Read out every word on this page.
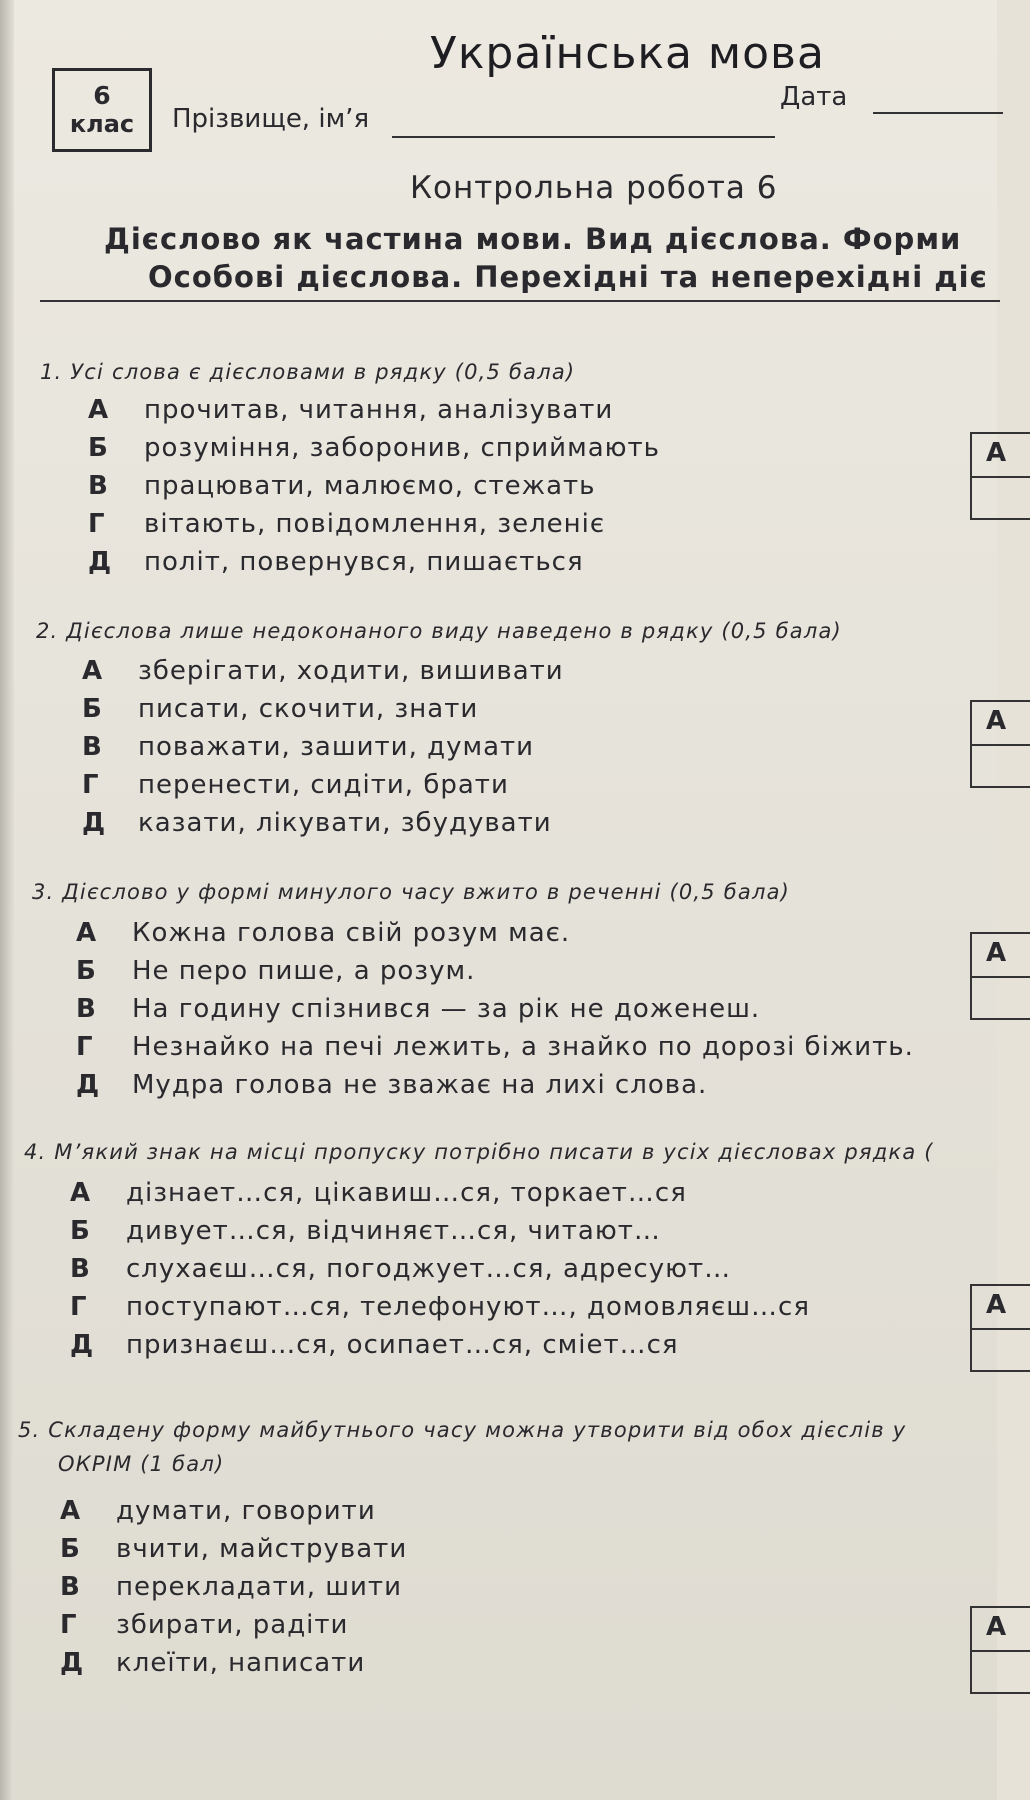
Українська мова
6
клас	Прізвище, ім’я
Дата
Контрольна робота 6
Дієслово як частина мови. Вид дієслова. Форми
Особові дієслова. Перехідні та неперехідні діє
1. Усі слова є дієсловами в рядку (0,5 бала)
А прочитав, читання, аналізувати
Б розуміння, заборонив, сприймають
В працювати, малюємо, стежать
Г вітають, повідомлення, зеленіє
Д політ, повернувся, пишається
А
2. Дієслова лише недоконаного виду наведено в рядку (0,5 бала)
А зберігати, ходити, вишивати
Б писати, скочити, знати
В поважати, зашити, думати
Г перенести, сидіти, брати
Д казати, лікувати, збудувати
А
3. Дієслово у формі минулого часу вжито в реченні (0,5 бала)
А Кожна голова свій розум має.
Б Не перо пише, а розум.
В На годину спізнився — за рік не доженеш.
Г Незнайко на печі лежить, а знайко по дорозі біжить.
Д Мудра голова не зважає на лихі слова.
А
4. М’який знак на місці пропуску потрібно писати в усіх дієсловах рядка (
А дізнает…ся, цікавиш…ся, торкает…ся
Б дивует…ся, відчиняєт…ся, читают…
В слухаєш…ся, погоджует…ся, адресуют…
Г поступают…ся, телефонуют…, домовляєш…ся
Д признаєш…ся, осипает…ся, сміет…ся
А
5. Складену форму майбутнього часу можна утворити від обох дієслів у
ОКРІМ (1 бал)
А думати, говорити
Б вчити, майструвати
В перекладати, шити
Г збирати, радіти
Д клеїти, написати
А
